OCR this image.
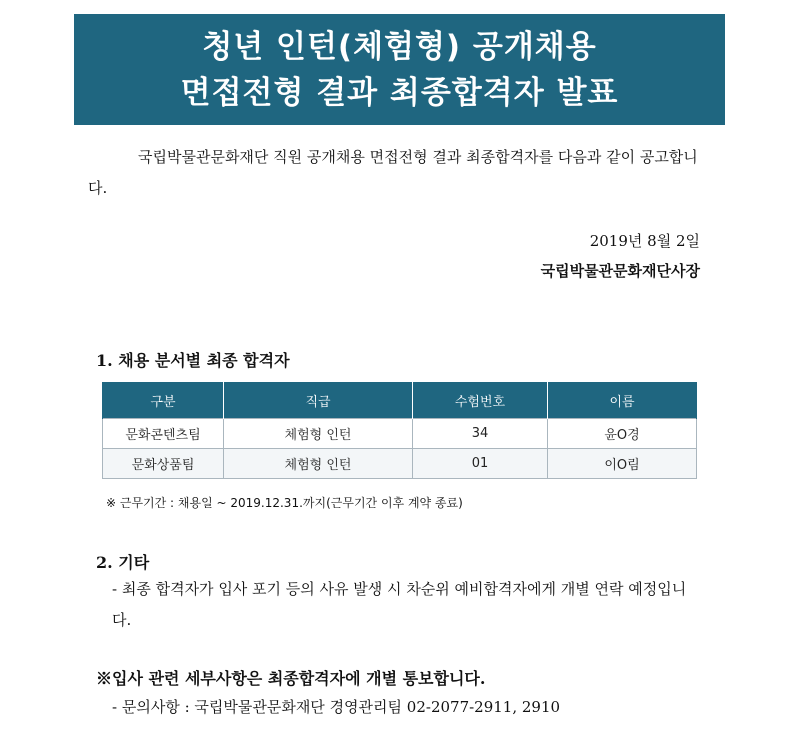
청년 인턴(체험형) 공개채용
면접전형 결과 최종합격자 발표
국립박물관문화재단 직원 공개채용 면접전형 결과 최종합격자를 다음과 같이 공고합니다.
2019년 8월 2일
국립박물관문화재단사장
1. 채용 분서별 최종 합격자
구분	직급	수험번호	이름
문화콘텐츠팀	체험형 인턴	34	윤O경
문화상품팀	체험형 인턴	01	이O림
※ 근무기간 : 채용일 ~ 2019.12.31.까지(근무기간 이후 계약 종료)
2. 기타
- 최종 합격자가 입사 포기 등의 사유 발생 시 차순위 예비합격자에게 개별 연락 예정입니다.
※입사 관련 세부사항은 최종합격자에 개별 통보합니다.
- 문의사항 : 국립박물관문화재단 경영관리팀 02-2077-2911, 2910
